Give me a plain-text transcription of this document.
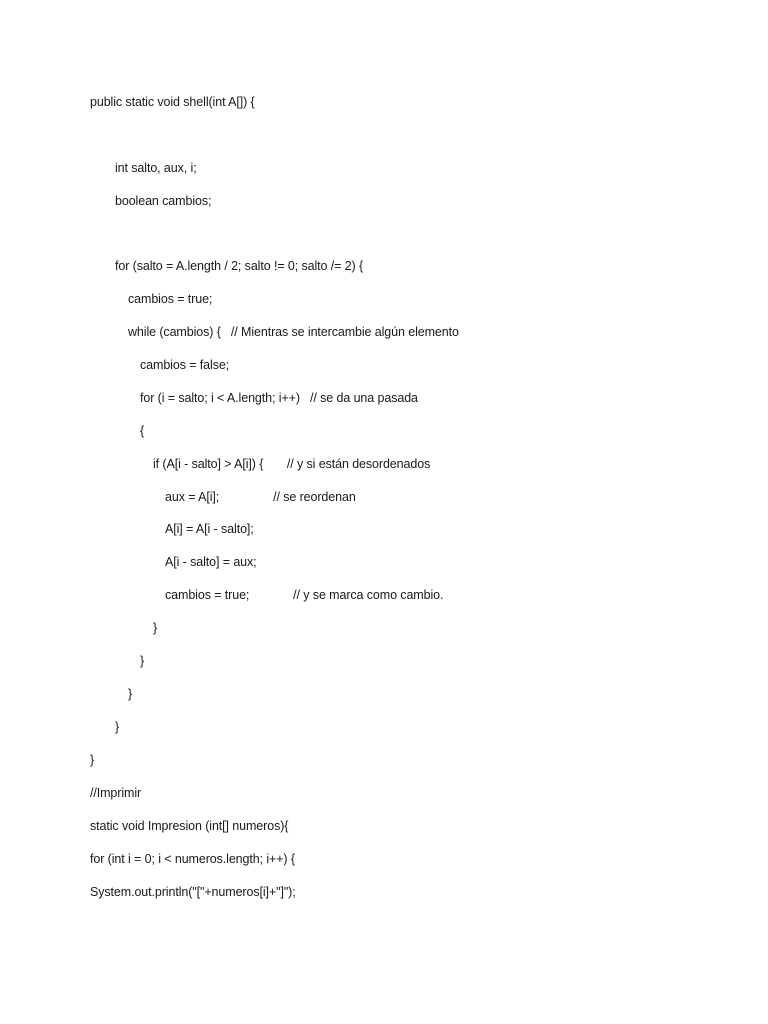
public static void shell(int A[]) {
int salto, aux, i;
boolean cambios;
for (salto = A.length / 2; salto != 0; salto /= 2) {
cambios = true;
while (cambios) {   // Mientras se intercambie algún elemento
cambios = false;
for (i = salto; i < A.length; i++)   // se da una pasada
{
if (A[i - salto] > A[i]) {       // y si están desordenados
aux = A[i];                // se reordenan
A[i] = A[i - salto];
A[i - salto] = aux;
cambios = true;             // y se marca como cambio.
}
}
}
}
}
//Imprimir
static void Impresion (int[] numeros){
for (int i = 0; i < numeros.length; i++) {
System.out.println("["+numeros[i]+"]");
